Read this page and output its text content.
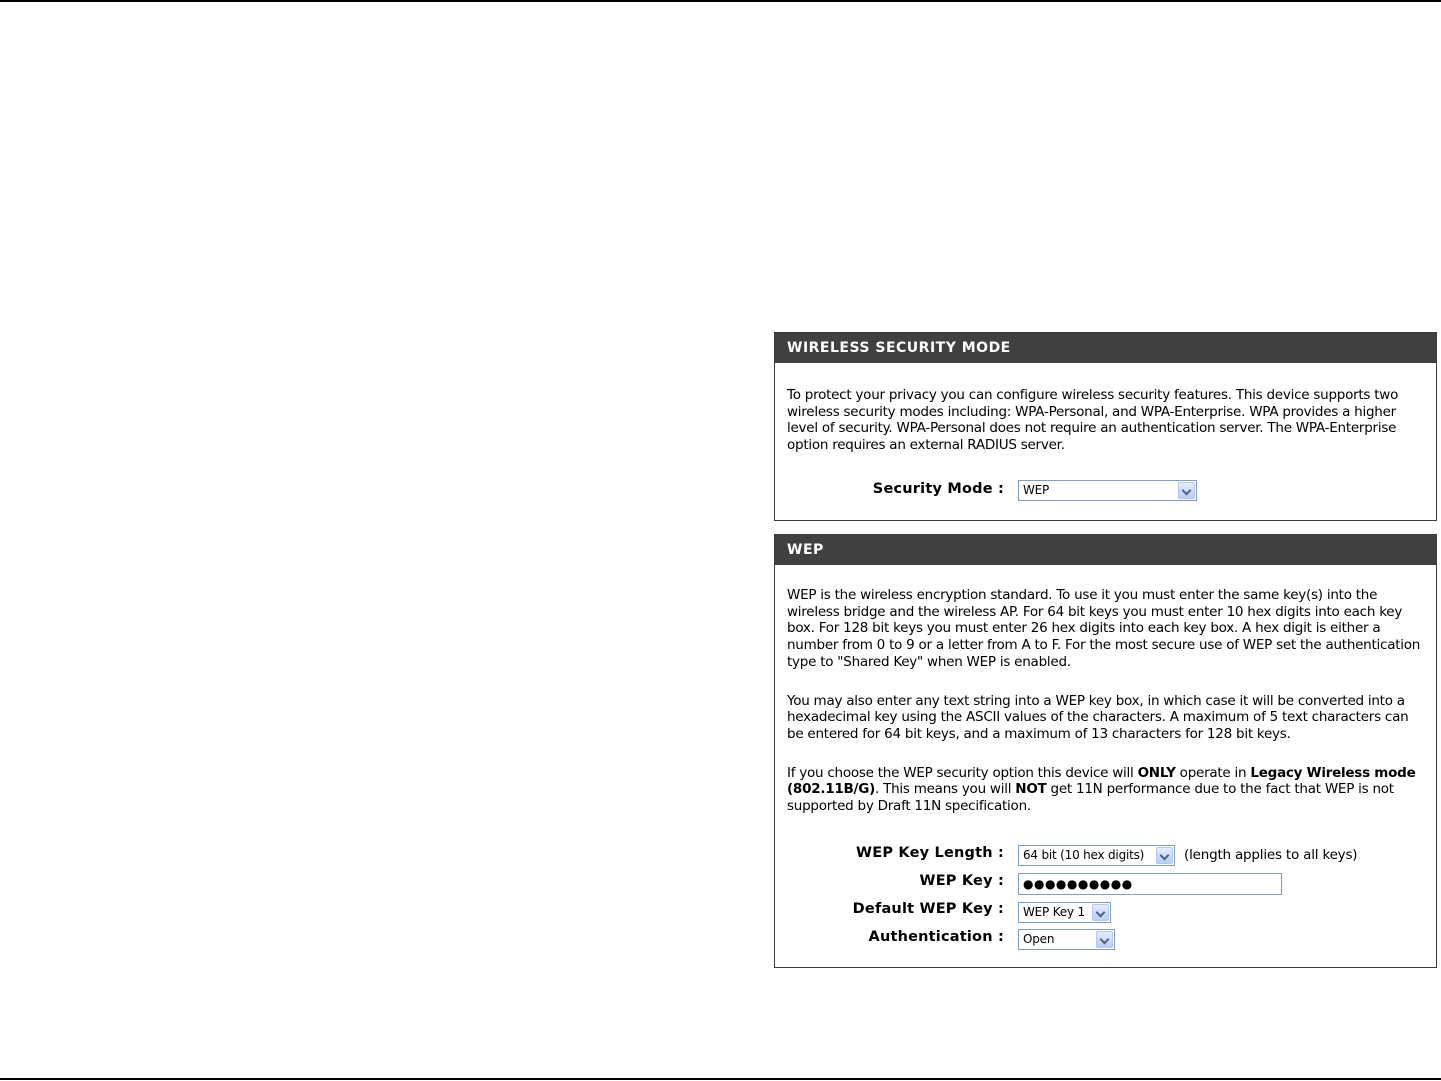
WIRELESS SECURITY MODE

To protect your privacy you can configure wireless security features. This device supports two wireless security modes including: WPA-Personal, and WPA-Enterprise. WPA provides a higher level of security. WPA-Personal does not require an authentication server. The WPA-Enterprise option requires an external RADIUS server.

Security Mode :	WEP
WEP

WEP is the wireless encryption standard. To use it you must enter the same key(s) into the wireless bridge and the wireless AP. For 64 bit keys you must enter 10 hex digits into each key box. For 128 bit keys you must enter 26 hex digits into each key box. A hex digit is either a number from 0 to 9 or a letter from A to F. For the most secure use of WEP set the authentication type to "Shared Key" when WEP is enabled.

You may also enter any text string into a WEP key box, in which case it will be converted into a hexadecimal key using the ASCII values of the characters. A maximum of 5 text characters can be entered for 64 bit keys, and a maximum of 13 characters for 128 bit keys.

If you choose the WEP security option this device will ONLY operate in Legacy Wireless mode (802.11B/G). This means you will NOT get 11N performance due to the fact that WEP is not supported by Draft 11N specification.

WEP Key Length :	64 bit (10 hex digits)	(length applies to all keys)
WEP Key :	●●●●●●●●●●
Default WEP Key :	WEP Key 1
Authentication :	Open
